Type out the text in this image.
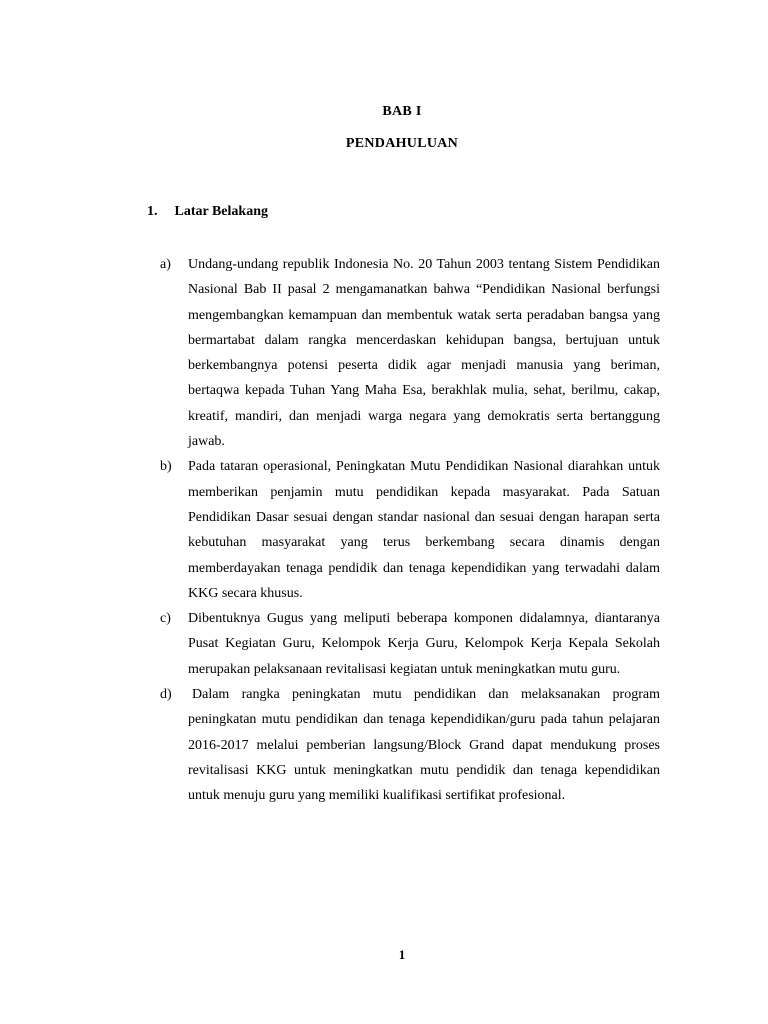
BAB I
PENDAHULUAN
1. Latar Belakang
a) Undang-undang republik Indonesia No. 20 Tahun 2003 tentang Sistem Pendidikan Nasional Bab II pasal 2 mengamanatkan bahwa “Pendidikan Nasional berfungsi mengembangkan kemampuan dan membentuk watak serta peradaban bangsa yang bermartabat dalam rangka mencerdaskan kehidupan bangsa, bertujuan untuk berkembangnya potensi peserta didik agar menjadi manusia yang beriman, bertaqwa kepada Tuhan Yang Maha Esa, berakhlak mulia, sehat, berilmu, cakap, kreatif, mandiri, dan menjadi warga negara yang demokratis serta bertanggung jawab.
b) Pada tataran operasional, Peningkatan Mutu Pendidikan Nasional diarahkan untuk memberikan penjamin mutu pendidikan kepada masyarakat. Pada Satuan Pendidikan Dasar sesuai dengan standar nasional dan sesuai dengan harapan serta kebutuhan masyarakat yang terus berkembang secara dinamis dengan memberdayakan tenaga pendidik dan tenaga kependidikan yang terwadahi dalam KKG secara khusus.
c) Dibentuknya Gugus yang meliputi beberapa komponen didalamnya, diantaranya Pusat Kegiatan Guru, Kelompok Kerja Guru, Kelompok Kerja Kepala Sekolah merupakan pelaksanaan revitalisasi kegiatan untuk meningkatkan mutu guru.
d) Dalam rangka peningkatan mutu pendidikan dan melaksanakan program peningkatan mutu pendidikan dan tenaga kependidikan/guru pada tahun pelajaran 2016-2017 melalui pemberian langsung/Block Grand dapat mendukung proses revitalisasi KKG untuk meningkatkan mutu pendidik dan tenaga kependidikan untuk menuju guru yang memiliki kualifikasi sertifikat profesional.
1
